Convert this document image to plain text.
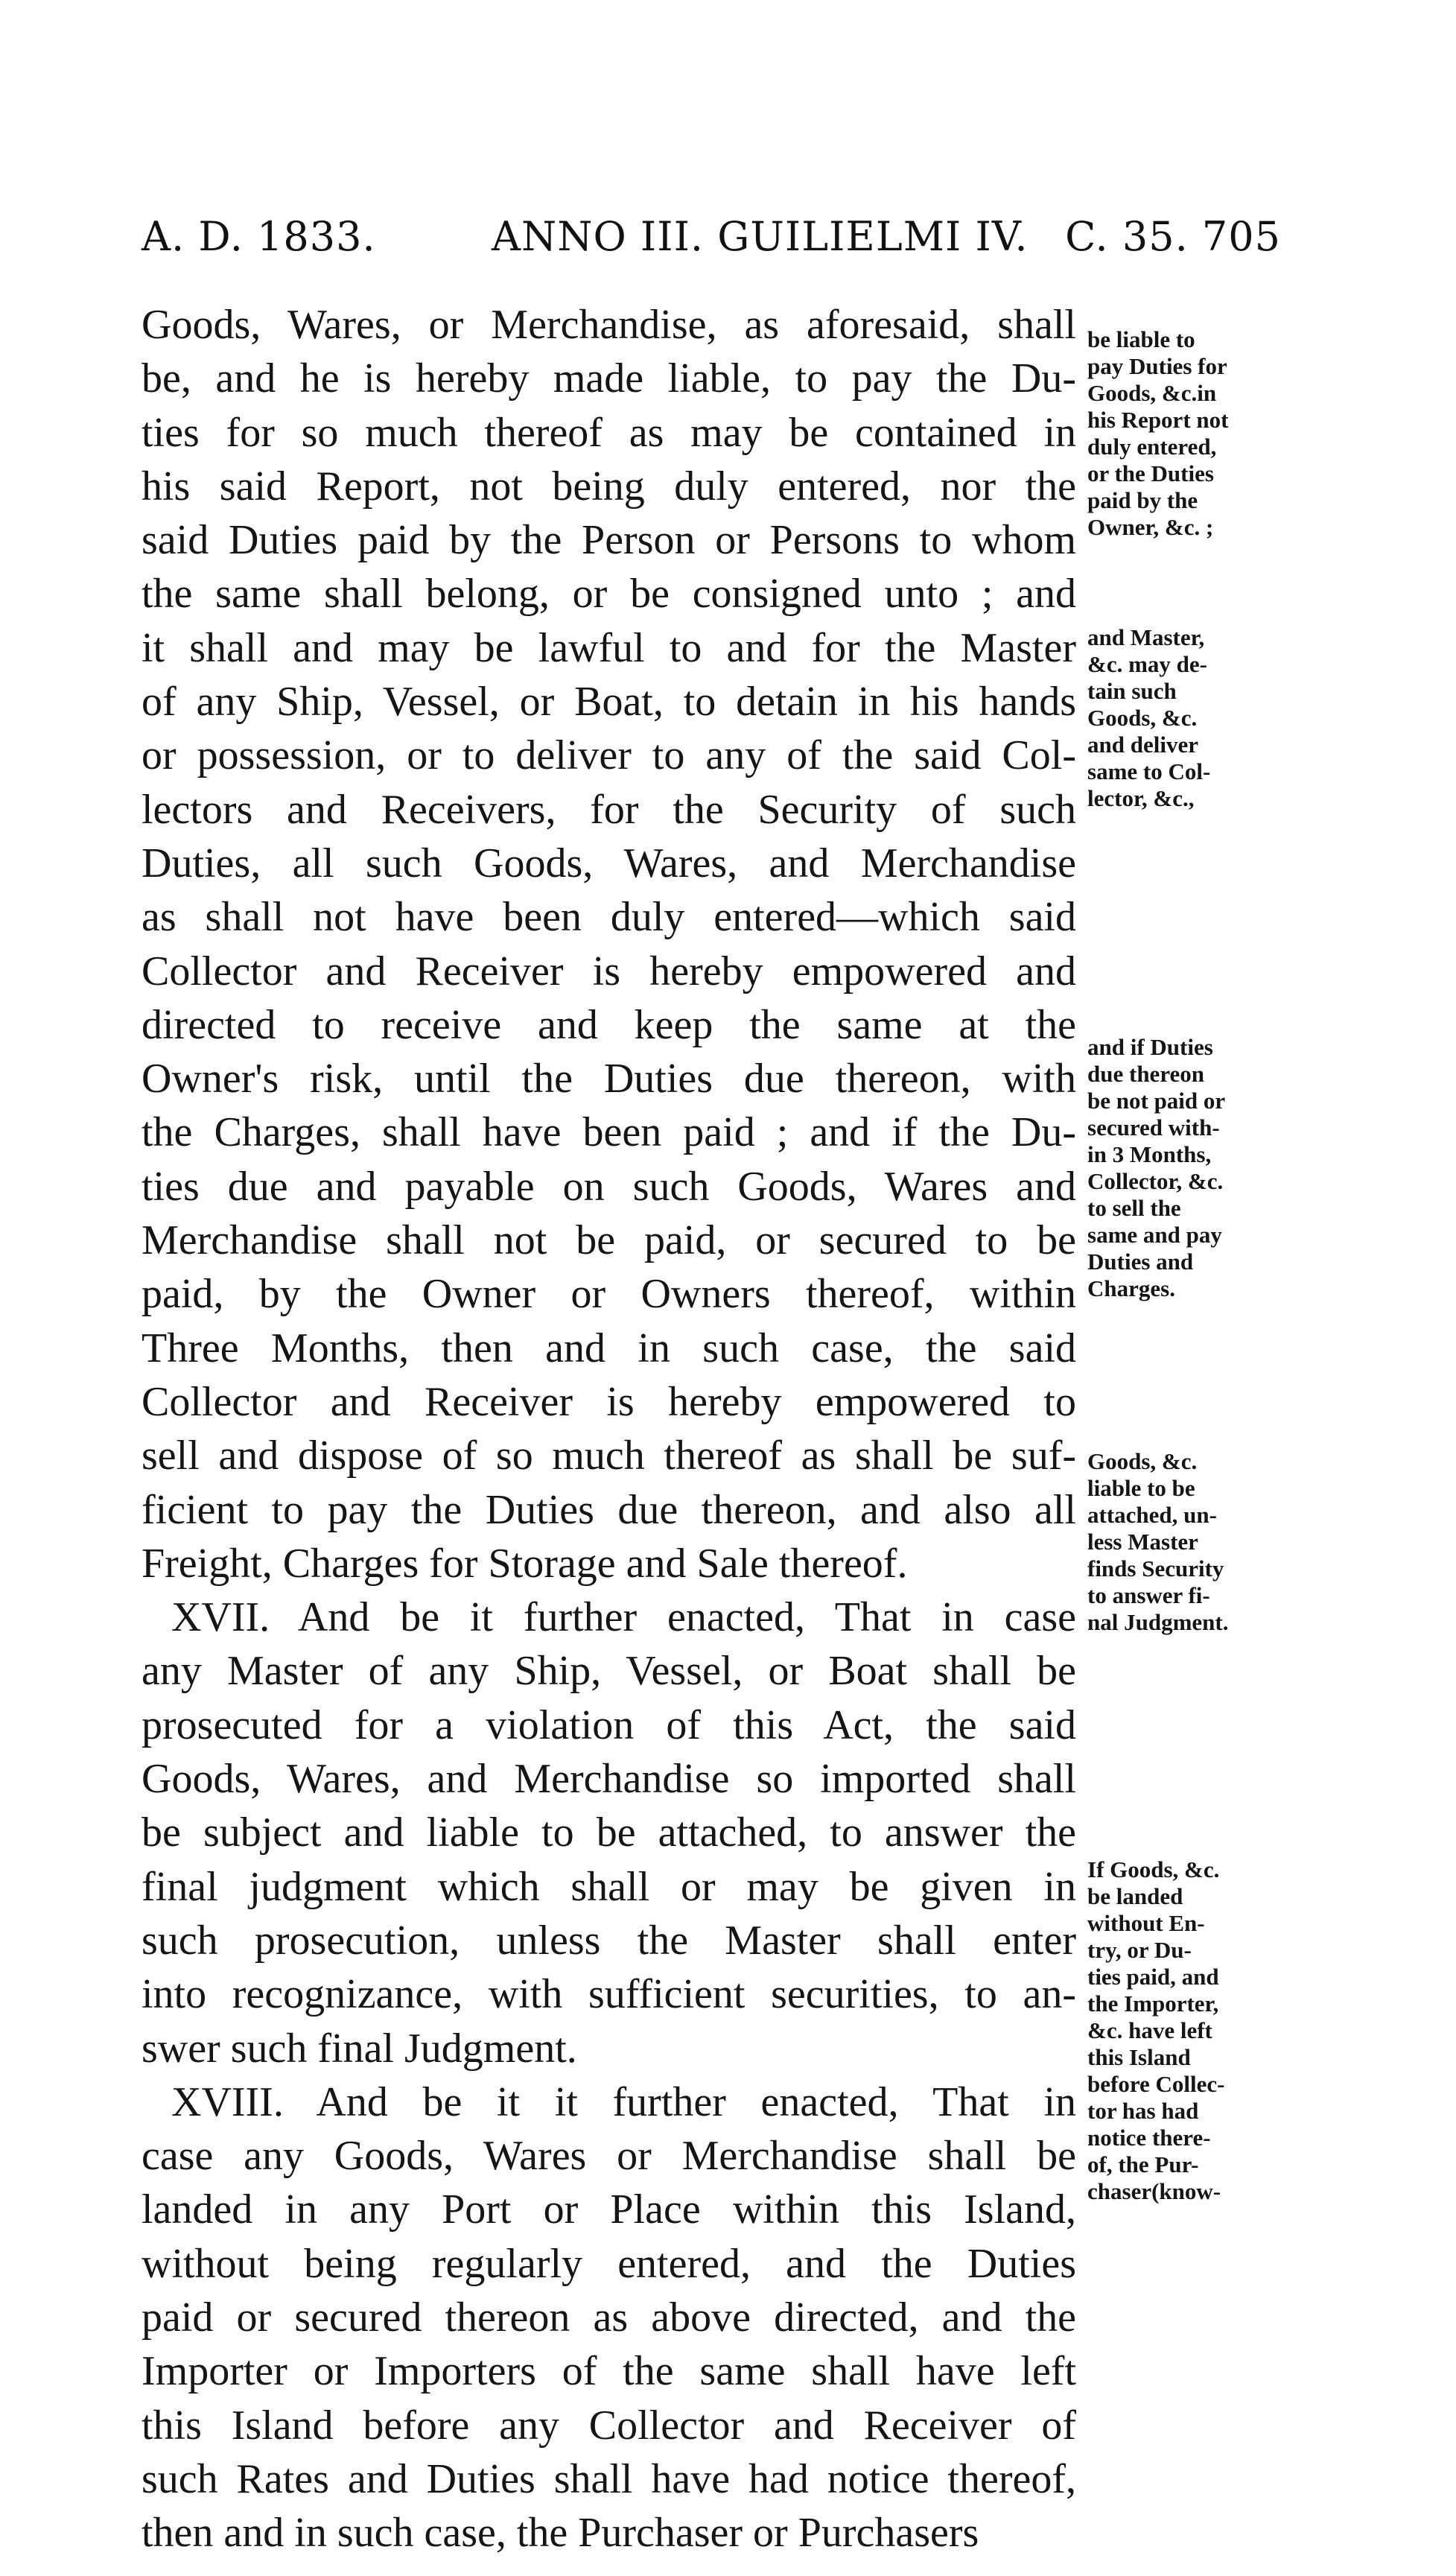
A. D. 1833.	ANNO III. GUILIELMI IV. C. 35. 705
Goods, Wares, or Merchandise, as aforesaid, shall
be, and he is hereby made liable, to pay the Du-
ties for so much thereof as may be contained in
his said Report, not being duly entered, nor the
said Duties paid by the Person or Persons to whom
the same shall belong, or be consigned unto ; and
it shall and may be lawful to and for the Master
of any Ship, Vessel, or Boat, to detain in his hands
or possession, or to deliver to any of the said Col-
lectors and Receivers, for the Security of such
Duties, all such Goods, Wares, and Merchandise
as shall not have been duly entered—which said
Collector and Receiver is hereby empowered and
directed to receive and keep the same at the
Owner's risk, until the Duties due thereon, with
the Charges, shall have been paid ; and if the Du-
ties due and payable on such Goods, Wares and
Merchandise shall not be paid, or secured to be
paid, by the Owner or Owners thereof, within
Three Months, then and in such case, the said
Collector and Receiver is hereby empowered to
sell and dispose of so much thereof as shall be suf-
ficient to pay the Duties due thereon, and also all
Freight, Charges for Storage and Sale thereof.
XVII. And be it further enacted, That in case
any Master of any Ship, Vessel, or Boat shall be
prosecuted for a violation of this Act, the said
Goods, Wares, and Merchandise so imported shall
be subject and liable to be attached, to answer the
final judgment which shall or may be given in
such prosecution, unless the Master shall enter
into recognizance, with sufficient securities, to an-
swer such final Judgment.
XVIII. And be it it further enacted, That in
case any Goods, Wares or Merchandise shall be
landed in any Port or Place within this Island,
without being regularly entered, and the Duties
paid or secured thereon as above directed, and the
Importer or Importers of the same shall have left
this Island before any Collector and Receiver of
such Rates and Duties shall have had notice thereof,
then and in such case, the Purchaser or Purchasers
be liable to
pay Duties for
Goods, &c.in
his Report not
duly entered,
or the Duties
paid by the
Owner, &c. ;
and Master,
&c. may de-
tain such
Goods, &c.
and deliver
same to Col-
lector, &c.,
and if Duties
due thereon
be not paid or
secured with-
in 3 Months,
Collector, &c.
to sell the
same and pay
Duties and
Charges.
Goods, &c.
liable to be
attached, un-
less Master
finds Security
to answer fi-
nal Judgment.
If Goods, &c.
be landed
without En-
try, or Du-
ties paid, and
the Importer,
&c. have left
this Island
before Collec-
tor has had
notice there-
of, the Pur-
chaser(know-
